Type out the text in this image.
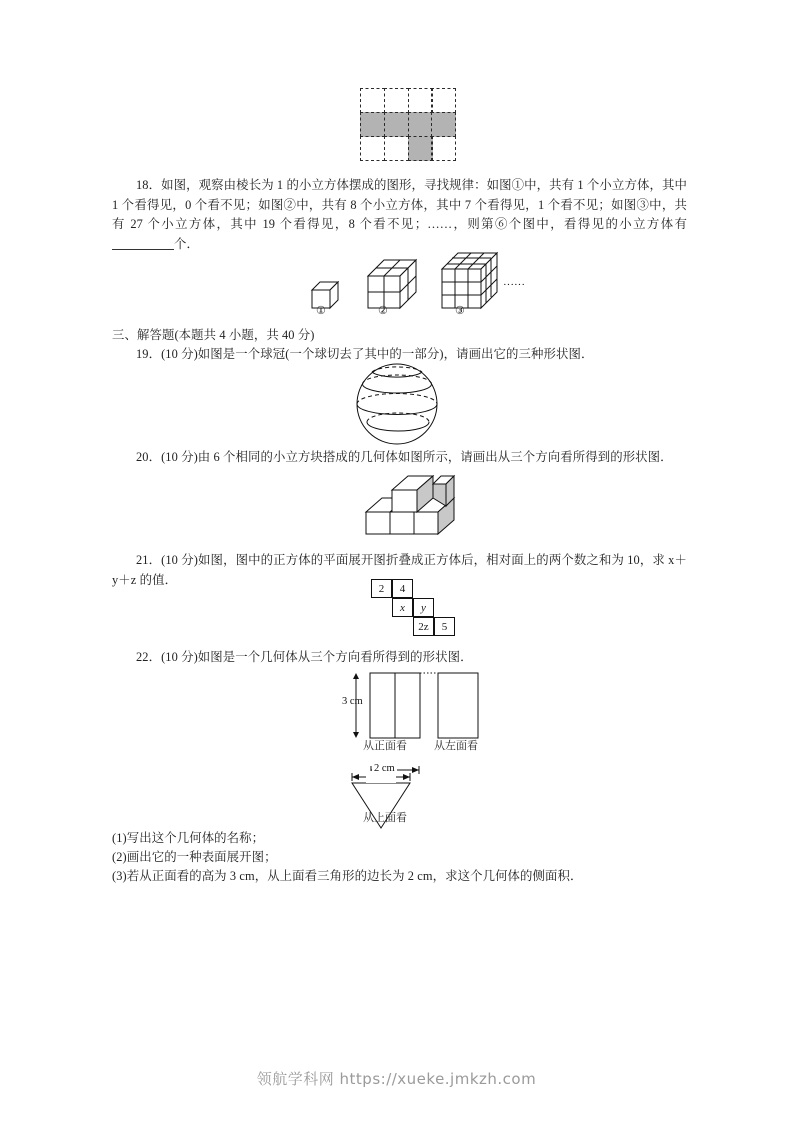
18．如图，观察由棱长为 1 的小立方体摆成的图形，寻找规律：如图①中，共有 1 个小立方体，其中 1 个看得见，0 个看不见；如图②中，共有 8 个小立方体，其中 7 个看得见，1 个看不见；如图③中，共有 27 个小立方体，其中 19 个看得见，8 个看不见；……，则第⑥个图中，看得见的小立方体有个．
······
①	②	③
三、解答题(本题共 4 小题，共 40 分)
19．(10 分)如图是一个球冠(一个球切去了其中的一部分)，请画出它的三种形状图．
20．(10 分)由 6 个相同的小立方块搭成的几何体如图所示，请画出从三个方向看所得到的形状图．
21．(10 分)如图，图中的正方体的平面展开图折叠成正方体后，相对面上的两个数之和为 10，求 x＋y＋z 的值．
2	4
x y
2z	5
22．(10 分)如图是一个几何体从三个方向看所得到的形状图．
3 cm
从正面看 从左面看
2 cm
从上面看
(1)写出这个几何体的名称；
(2)画出它的一种表面展开图；
(3)若从正面看的高为 3 cm，从上面看三角形的边长为 2 cm，求这个几何体的侧面积．
领航学科网 https://xueke.jmkzh.com
